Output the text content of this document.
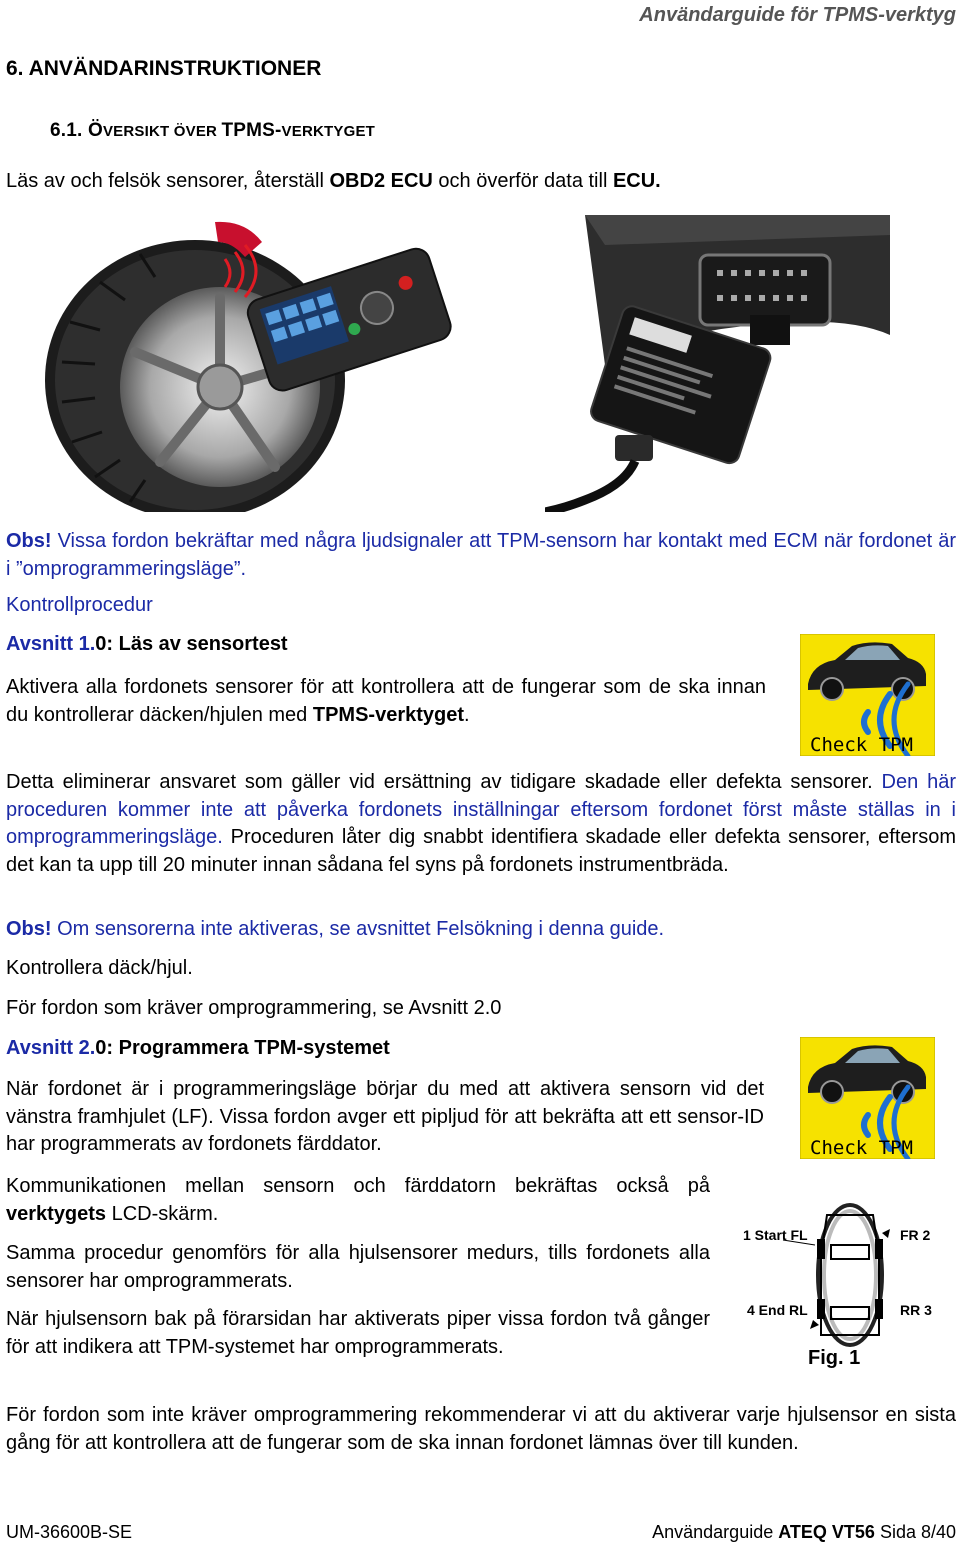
Användarguide för TPMS-verktyg
6. ANVÄNDARINSTRUKTIONER
6.1. ÖVERSIKT ÖVER TPMS-VERKTYGET
Läs av och felsök sensorer, återställ OBD2 ECU och överför data till ECU.
Obs! Vissa fordon bekräftar med några ljudsignaler att TPM-sensorn har kontakt med ECM när fordonet är i ”omprogrammeringsläge”.
Kontrollprocedur
Avsnitt 1.0: Läs av sensortest
Aktivera alla fordonets sensorer för att kontrollera att de fungerar som de ska innan du kontrollerar däcken/hjulen med TPMS-verktyget.
Check TPM
Detta eliminerar ansvaret som gäller vid ersättning av tidigare skadade eller defekta sensorer. Den här proceduren kommer inte att påverka fordonets inställningar eftersom fordonet först måste ställas in i omprogrammeringsläge. Proceduren låter dig snabbt identifiera skadade eller defekta sensorer, eftersom det kan ta upp till 20 minuter innan sådana fel syns på fordonets instrumentbräda.
Obs! Om sensorerna inte aktiveras, se avsnittet Felsökning i denna guide.
Kontrollera däck/hjul.
För fordon som kräver omprogrammering, se Avsnitt 2.0
Avsnitt 2.0: Programmera TPM-systemet
När fordonet är i programmeringsläge börjar du med att aktivera sensorn vid det vänstra framhjulet (LF). Vissa fordon avger ett pipljud för att bekräfta att ett sensor-ID har programmerats av fordonets färddator.	Check TPM
Kommunikationen mellan sensorn och färddatorn bekräftas också på verktygets LCD-skärm.
Samma procedur genomförs för alla hjulsensorer medurs, tills fordonets alla sensorer har omprogrammerats.
När hjulsensorn bak på förarsidan har aktiverats piper vissa fordon två gånger för att indikera att TPM-systemet har omprogrammerats.
1 Start FL	FR 2
4 End RL	RR 3
Fig. 1
För fordon som inte kräver omprogrammering rekommenderar vi att du aktiverar varje hjulsensor en sista gång för att kontrollera att de fungerar som de ska innan fordonet lämnas över till kunden.
UM-36600B-SE	Användarguide ATEQ VT56 Sida 8/40
